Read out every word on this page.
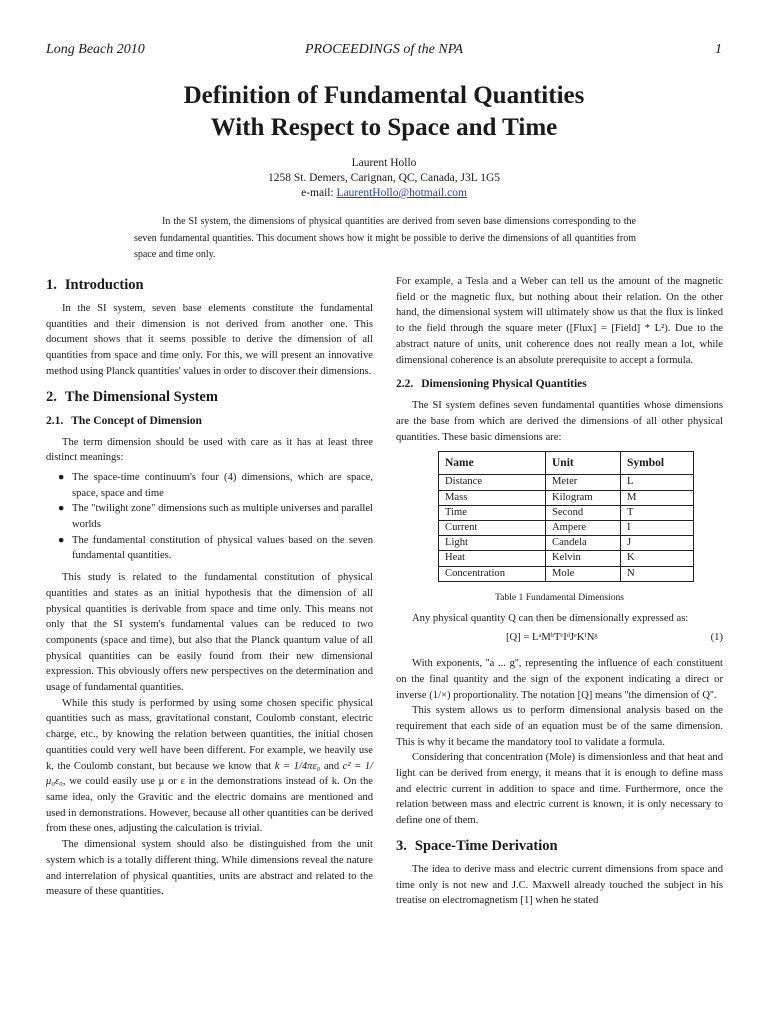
Long Beach 2010	PROCEEDINGS of the NPA	1
Definition of Fundamental Quantities
With Respect to Space and Time
Laurent Hollo
1258 St. Demers, Carignan, QC, Canada, J3L 1G5
e-mail: LaurentHollo@hotmail.com
In the SI system, the dimensions of physical quantities are derived from seven base dimensions corresponding to the seven fundamental quantities. This document shows how it might be possible to derive the dimensions of all quantities from space and time only.
1. Introduction

In the SI system, seven base elements constitute the fundamental quantities and their dimension is not derived from another one. This document shows that it seems possible to derive the dimension of all quantities from space and time only. For this, we will present an innovative method using Planck quantities' values in order to discover their dimensions.

2. The Dimensional System
2.1. The Concept of Dimension

The term dimension should be used with care as it has at least three distinct meanings:

● The space-time continuum's four (4) dimensions, which are space, space, space and time
● The "twilight zone" dimensions such as multiple universes and parallel worlds
● The fundamental constitution of physical values based on the seven fundamental quantities.

This study is related to the fundamental constitution of physical quantities and states as an initial hypothesis that the dimension of all physical quantities is derivable from space and time only. This means not only that the SI system's fundamental values can be reduced to two components (space and time), but also that the Planck quantum value of all physical quantities can be easily found from their new dimensional expression. This obviously offers new perspectives on the determination and usage of fundamental quantities.

While this study is performed by using some chosen specific physical quantities such as mass, gravitational constant, Coulomb constant, electric charge, etc., by knowing the relation between quantities, the initial chosen quantities could very well have been different. For example, we heavily use k, the Coulomb constant, but because we know that k = 1/4πε₀ and c² = 1/μ₀ε₀, we could easily use μ or ε in the demonstrations instead of k. On the same idea, only the Gravitic and the electric domains are mentioned and used in demonstrations. However, because all other quantities can be derived from these ones, adjusting the calculation is trivial.

The dimensional system should also be distinguished from the unit system which is a totally different thing. While dimensions reveal the nature and interrelation of physical quantities, units are abstract and related to the measure of these quantities.

For example, a Tesla and a Weber can tell us the amount of the magnetic field or the magnetic flux, but nothing about their relation. On the other hand, the dimensional system will ultimately show us that the flux is linked to the field through the square meter ([Flux] = [Field] * L²). Due to the abstract nature of units, unit coherence does not really mean a lot, while dimensional coherence is an absolute prerequisite to accept a formula.

2.2. Dimensioning Physical Quantities

The SI system defines seven fundamental quantities whose dimensions are the base from which are derived the dimensions of all other physical quantities. These basic dimensions are:

Name	Unit	Symbol
Distance	Meter	L
Mass	Kilogram	M
Time	Second	T
Current	Ampere	I
Light	Candela	J
Heat	Kelvin	K
Concentration	Mole	N
Table 1 Fundamental Dimensions

Any physical quantity Q can then be dimensionally expressed as:

[Q] = LᵃMᵇTᶜIᵈJᵉKᶠNᵍ	(1)

With exponents, ''a ... g'', representing the influence of each constituent on the final quantity and the sign of the exponent indicating a direct or inverse (1/×) proportionality. The notation [Q] means ''the dimension of Q''.

This system allows us to perform dimensional analysis based on the requirement that each side of an equation must be of the same dimension. This is why it became the mandatory tool to validate a formula.

Considering that concentration (Mole) is dimensionless and that heat and light can be derived from energy, it means that it is enough to define mass and electric current in addition to space and time. Furthermore, once the relation between mass and electric current is known, it is only necessary to define one of them.

3. Space-Time Derivation

The idea to derive mass and electric current dimensions from space and time only is not new and J.C. Maxwell already touched the subject in his treatise on electromagnetism [1] when he stated
